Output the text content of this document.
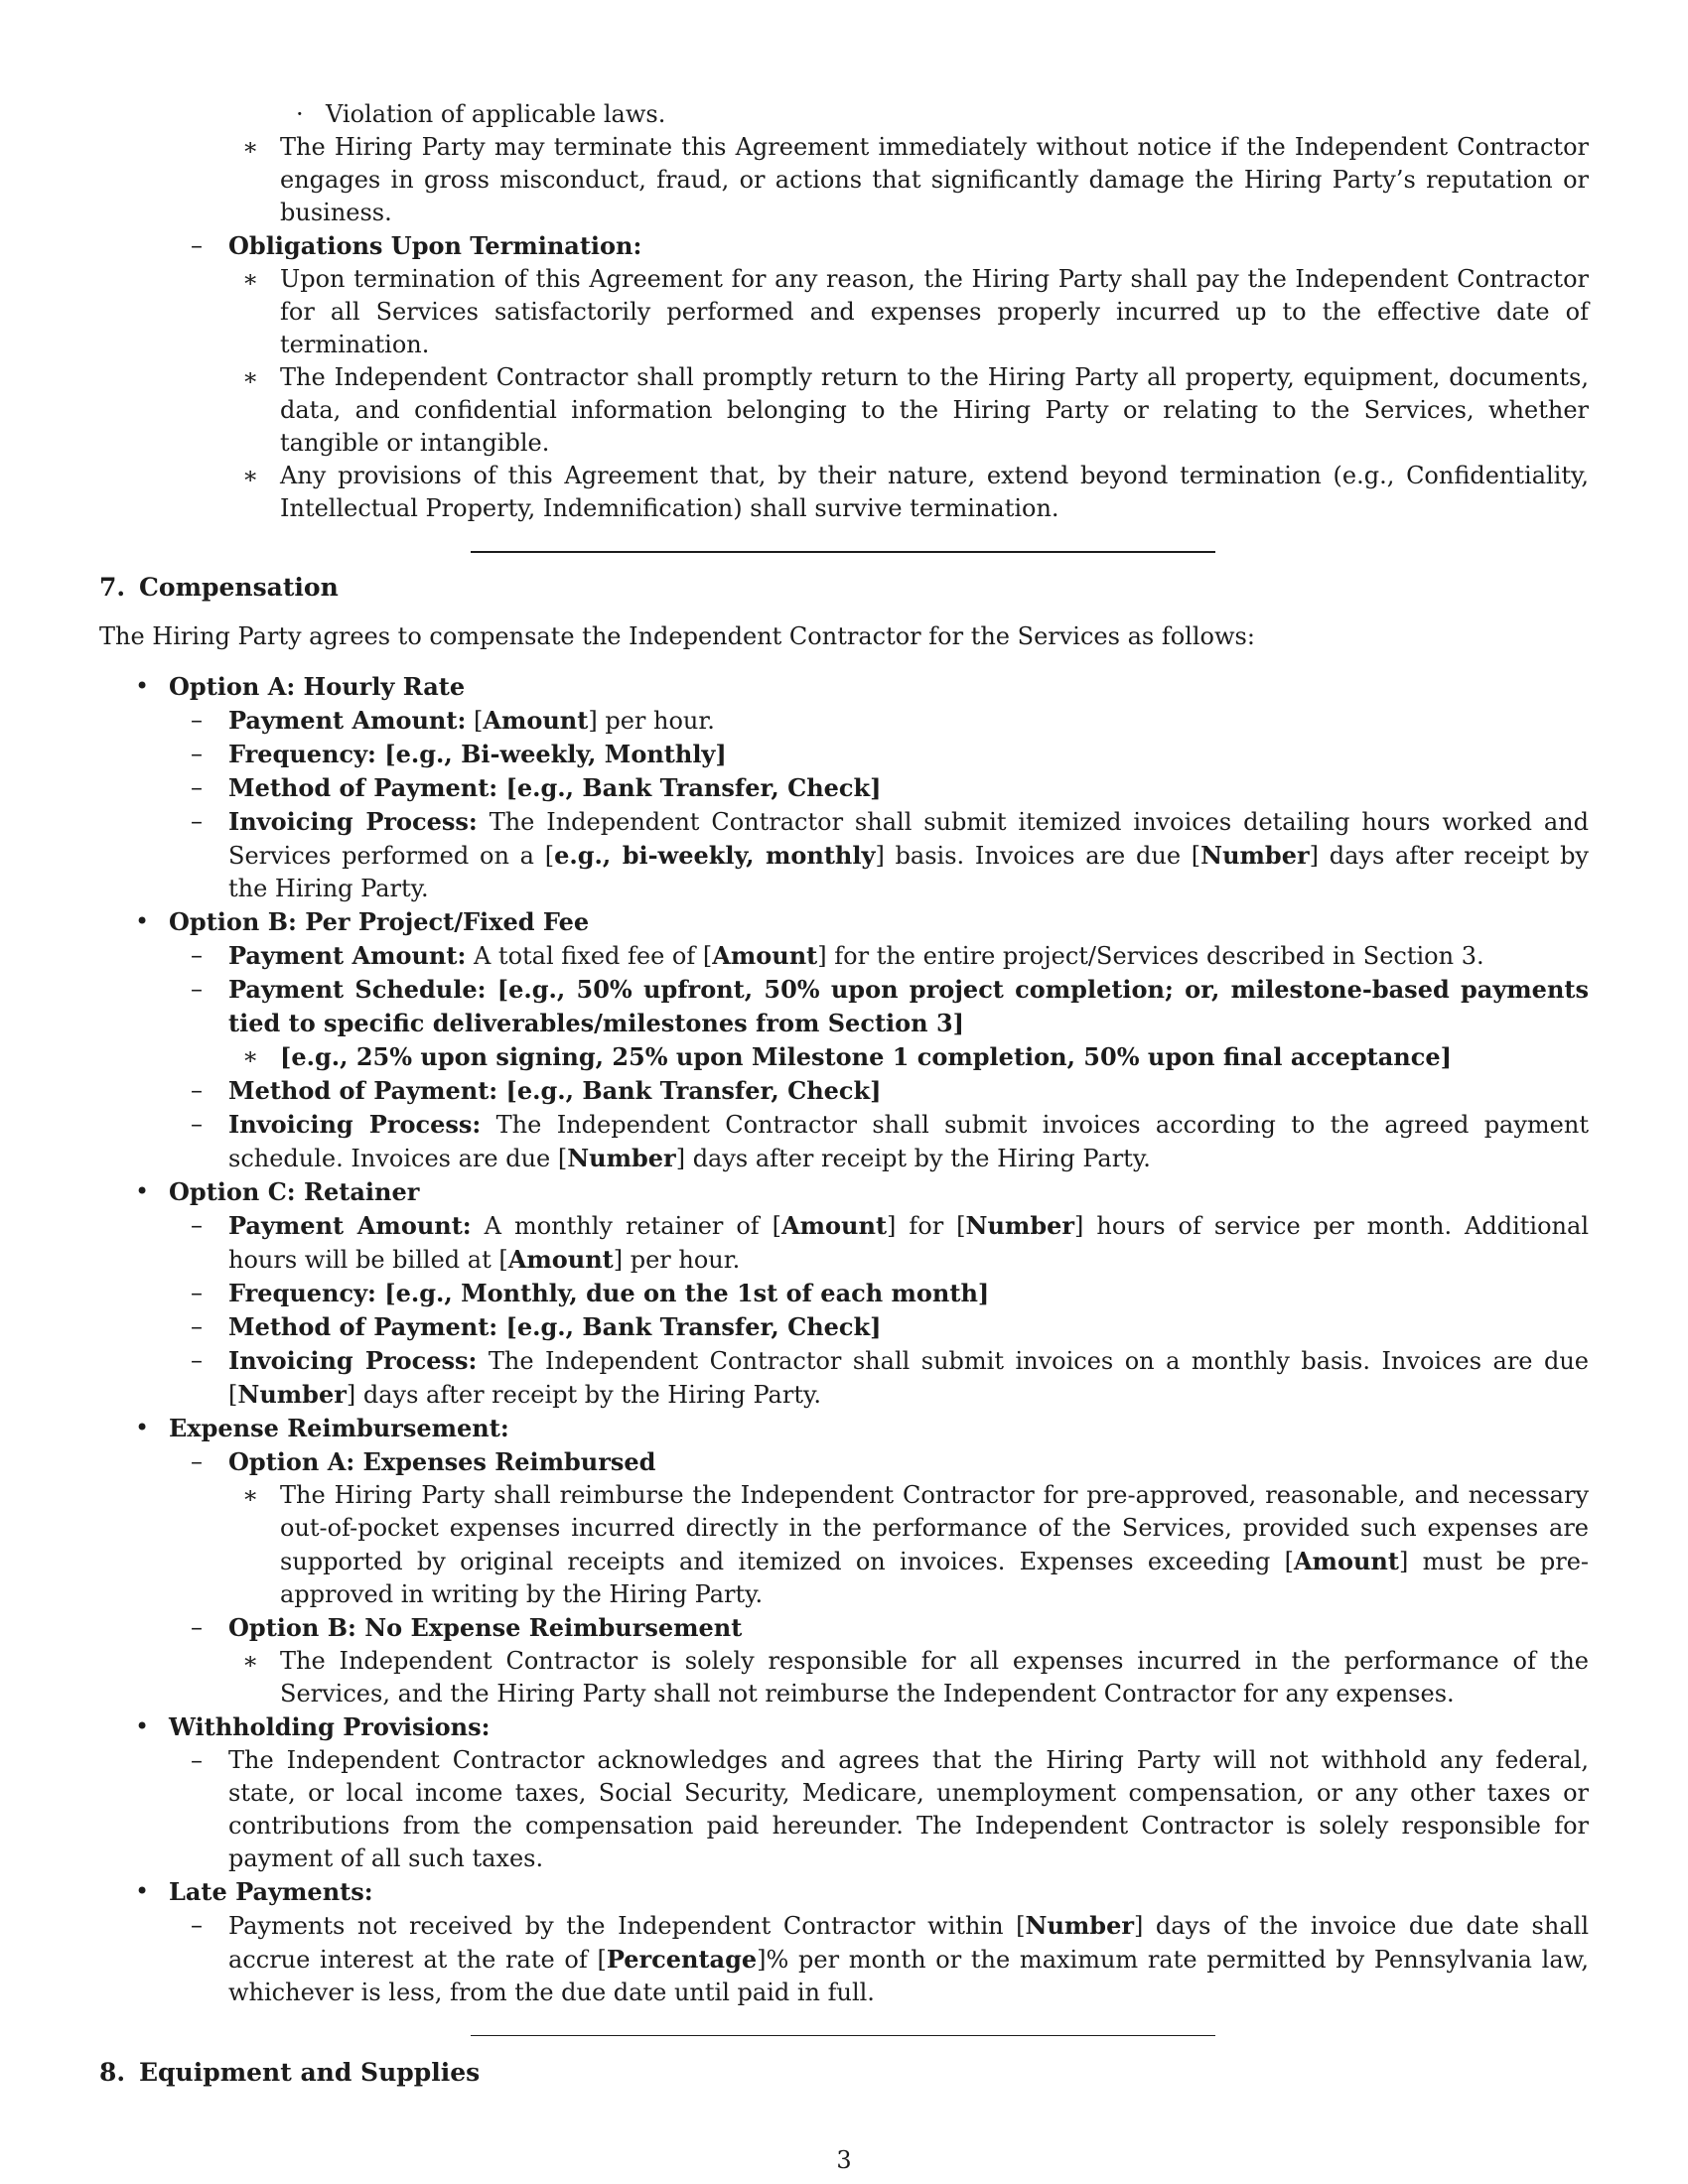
· Violation of applicable laws.
∗ The Hiring Party may terminate this Agreement immediately without notice if the Independent Contractor engages in gross misconduct, fraud, or actions that significantly damage the Hiring Party’s reputation or business.
– Obligations Upon Termination:
∗ Upon termination of this Agreement for any reason, the Hiring Party shall pay the Independent Contractor for all Services satisfactorily performed and expenses properly incurred up to the effective date of termination.
∗ The Independent Contractor shall promptly return to the Hiring Party all property, equipment, documents, data, and confidential information belonging to the Hiring Party or relating to the Services, whether tangible or intangible.
∗ Any provisions of this Agreement that, by their nature, extend beyond termination (e.g., Confidentiality, Intellectual Property, Indemnification) shall survive termination.
7. Compensation
The Hiring Party agrees to compensate the Independent Contractor for the Services as follows:
• Option A: Hourly Rate
– Payment Amount: [Amount] per hour.
– Frequency: [e.g., Bi-weekly, Monthly]
– Method of Payment: [e.g., Bank Transfer, Check]
– Invoicing Process: The Independent Contractor shall submit itemized invoices detailing hours worked and Services performed on a [e.g., bi-weekly, monthly] basis. Invoices are due [Number] days after receipt by the Hiring Party.
• Option B: Per Project/Fixed Fee
– Payment Amount: A total fixed fee of [Amount] for the entire project/Services described in Section 3.
– Payment Schedule: [e.g., 50% upfront, 50% upon project completion; or, milestone-based payments tied to specific deliverables/milestones from Section 3]
∗ [e.g., 25% upon signing, 25% upon Milestone 1 completion, 50% upon final acceptance]
– Method of Payment: [e.g., Bank Transfer, Check]
– Invoicing Process: The Independent Contractor shall submit invoices according to the agreed payment schedule. Invoices are due [Number] days after receipt by the Hiring Party.
• Option C: Retainer
– Payment Amount: A monthly retainer of [Amount] for [Number] hours of service per month. Additional hours will be billed at [Amount] per hour.
– Frequency: [e.g., Monthly, due on the 1st of each month]
– Method of Payment: [e.g., Bank Transfer, Check]
– Invoicing Process: The Independent Contractor shall submit invoices on a monthly basis. Invoices are due [Number] days after receipt by the Hiring Party.
• Expense Reimbursement:
– Option A: Expenses Reimbursed
∗ The Hiring Party shall reimburse the Independent Contractor for pre-approved, reasonable, and necessary out-of-pocket expenses incurred directly in the performance of the Services, provided such expenses are supported by original receipts and itemized on invoices. Expenses exceeding [Amount] must be pre-approved in writing by the Hiring Party.
– Option B: No Expense Reimbursement
∗ The Independent Contractor is solely responsible for all expenses incurred in the performance of the Services, and the Hiring Party shall not reimburse the Independent Contractor for any expenses.
• Withholding Provisions:
– The Independent Contractor acknowledges and agrees that the Hiring Party will not withhold any federal, state, or local income taxes, Social Security, Medicare, unemployment compensation, or any other taxes or contributions from the compensation paid hereunder. The Independent Contractor is solely responsible for payment of all such taxes.
• Late Payments:
– Payments not received by the Independent Contractor within [Number] days of the invoice due date shall accrue interest at the rate of [Percentage]% per month or the maximum rate permitted by Pennsylvania law, whichever is less, from the due date until paid in full.
8. Equipment and Supplies
3
